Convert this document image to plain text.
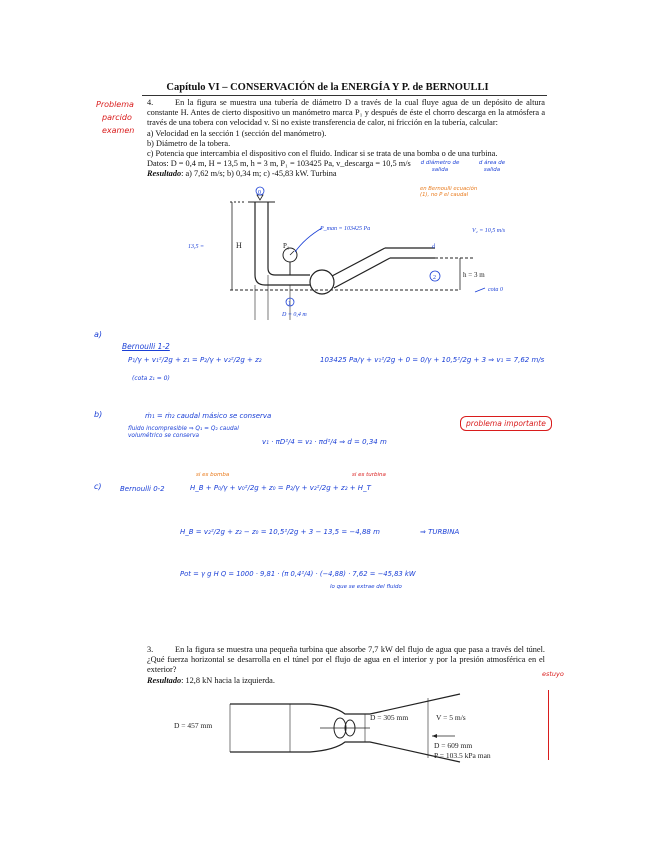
Capítulo VI – CONSERVACIÓN de la ENERGÍA Y P. de BERNOULLI
Problema
parcido
examen
4.	En la figura se muestra una tubería de diámetro D a través de la cual fluye agua de un depósito de altura constante H. Antes de cierto dispositivo un manómetro marca P₁ y después de éste el chorro descarga en la atmósfera a través de una tobera con velocidad v. Si no existe transferencia de calor, ni fricción en la tubería, calcular:
a) Velocidad en la sección 1 (sección del manómetro).
b) Diámetro de la tobera.
c) Potencia que intercambia el dispositivo con el fluido. Indicar si se trata de una bomba o de una turbina.
Datos: D = 0,4 m, H = 13,5 m, h = 3 m, P₁ = 103425 Pa, v_descarga = 10,5 m/s
Resultado: a) 7,62 m/s; b) 0,34 m; c) -45,83 kW. Turbina
0
1
2
H
13,5 =	P₁
h = 3 m
P_man = 103425 Pa	V₂ = 10,5 m/s
D = 0,4 m
cota 0
d
d diámetro de salida
d área de salida
en Bernoulli ecuación (1), no P el caudal
a)
Bernoulli 1-2
P₁/γ + v₁²/2g + z₁ = P₂/γ + v₂²/2g + z₂	103425 Pa/γ + v₁²/2g + 0 = 0/γ + 10,5²/2g + 3 ⇒ v₁ = 7,62 m/s
(cota z₁ = 0)
problema importante
b)	ṁ₁ = ṁ₂ caudal másico se conserva
fluido incompresible ⇒ Q₁ = Q₂ caudal volumétrico se conserva
v₁ · πD²/4 = v₂ · πd²/4 ⇒ d = 0,34 m
c)	Bernoulli 0-2
si es bomba	si es turbina
H_B + P₀/γ + v₀²/2g + z₀ = P₂/γ + v₂²/2g + z₂ + H_T
H_B = v₂²/2g + z₂ − z₀ = 10,5²/2g + 3 − 13,5 = −4,88 m	⇒ TURBINA
Pot = γ g H Q = 1000 · 9,81 · (π 0,4²/4) · (−4,88) · 7,62 = −45,83 kW
lo que se extrae del fluido
3.	En la figura se muestra una pequeña turbina que absorbe 7,7 kW del flujo de agua que pasa a través del túnel. ¿Qué fuerza horizontal se desarrolla en el túnel por el flujo de agua en el interior y por la presión atmosférica en el exterior?
Resultado: 12,8 kN hacia la izquierda.
estuyo
D = 457 mm
D = 305 mm	V = 5 m/s
D = 609 mm
P = 103.5 kPa man
